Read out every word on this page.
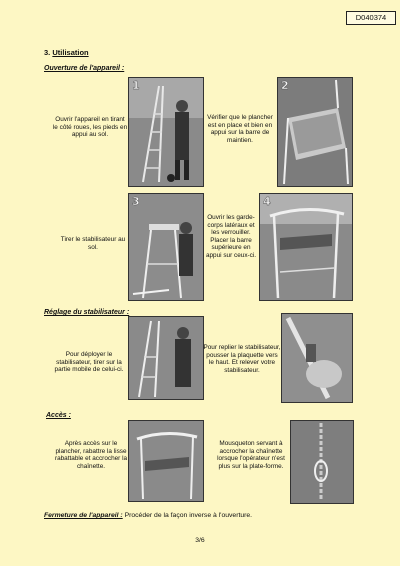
D040374
3. Utilisation
Ouverture de l'appareil :
Ouvrir l'appareil en tirant le côté roues, les pieds en appui au sol.
1
Vérifier que le plancher est en place et bien en appui sur la barre de maintien.
2
Tirer le stabilisateur au sol.
3
Ouvrir les garde-corps latéraux et les verrouiller. Placer la barre supérieure en appui sur ceux-ci.
4
Réglage du stabilisateur :
Pour déployer le stabilisateur, tirer sur la partie mobile de celui-ci.
Pour replier le stabilisateur, pousser la plaquette vers le haut. Et relever votre stabilisateur.
Accès :
Après accès sur le plancher, rabattre la lisse rabattable et accrocher la chaînette.
Mousqueton servant à accrocher la chaînette lorsque l'opérateur n'est plus sur la plate-forme.
Fermeture de l'appareil : Procéder de la façon inverse à l'ouverture.
3/6
